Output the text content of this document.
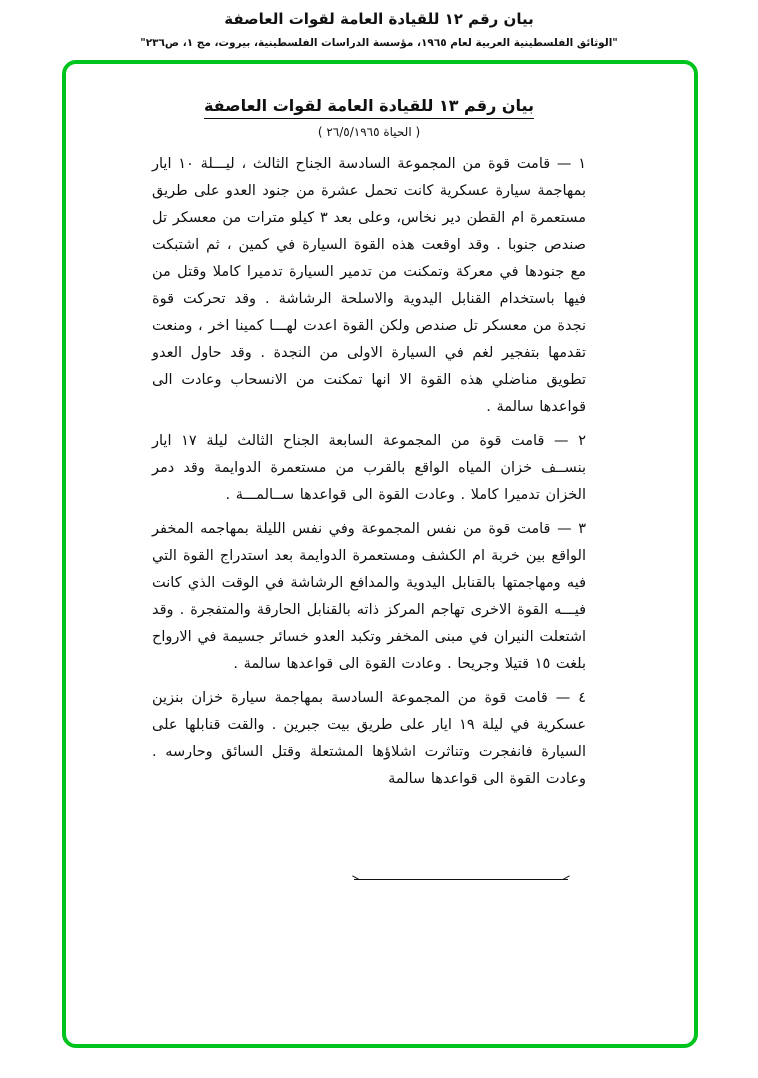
بيان رقم ١٢ للقيادة العامة لقوات العاصفة
"الوثائق الفلسطينية العربية لعام ١٩٦٥، مؤسسة الدراسات الفلسطينية، بيروت، مج ١، ص٢٣٦"
بيان رقم ١٣ للقيادة العامة لقوات العاصفة
( الحياة ٢٦/٥/١٩٦٥ )

١ — قامت قوة من المجموعة السادسة الجناح الثالث ، ليـــلة ١٠ ايار بمهاجمة سيارة عسكرية كانت تحمل عشرة من جنود العدو على طريق مستعمرة ام القطن دير نخاس، وعلى بعد ٣ كيلو مترات من معسكر تل صندص جنوبا . وقد اوقعت هذه القوة السيارة في كمين ، ثم اشتبكت مع جنودها في معركة وتمكنت من تدمير السيارة تدميرا كاملا وقتل من فيها باستخدام القنابل اليدوية والاسلحة الرشاشة . وقد تحركت قوة نجدة من معسكر تل صندص ولكن القوة اعدت لهـــا كمينا اخر ، ومنعت تقدمها بتفجير لغم في السيارة الاولى من النجدة . وقد حاول العدو تطويق مناضلي هذه القوة الا انها تمكنت من الانسحاب وعادت الى قواعدها سالمة .

٢ — قامت قوة من المجموعة السابعة الجناح الثالث ليلة ١٧ ايار بنســف خزان المياه الواقع بالقرب من مستعمرة الدوايمة وقد دمر الخزان تدميرا كاملا . وعادت القوة الى قواعدها ســالمـــة .

٣ — قامت قوة من نفس المجموعة وفي نفس الليلة بمهاجمه المخفر الواقع بين خربة ام الكشف ومستعمرة الدوايمة بعد استدراج القوة التي فيه ومهاجمتها بالقنابل اليدوية والمدافع الرشاشة في الوقت الذي كانت فيـــه القوة الاخرى تهاجم المركز ذاته بالقنابل الحارقة والمتفجرة . وقد اشتعلت النيران في مبنى المخفر وتكبد العدو خسائر جسيمة في الارواح بلغت ١٥ قتيلا وجريحا . وعادت القوة الى قواعدها سالمة .

٤ — قامت قوة من المجموعة السادسة بمهاجمة سيارة خزان بنزين عسكرية في ليلة ١٩ ايار على طريق بيت جبرين . والقت قنابلها على السيارة فانفجرت وتناثرت اشلاؤها المشتعلة وقتل السائق وحارسه . وعادت القوة الى قواعدها سالمة
